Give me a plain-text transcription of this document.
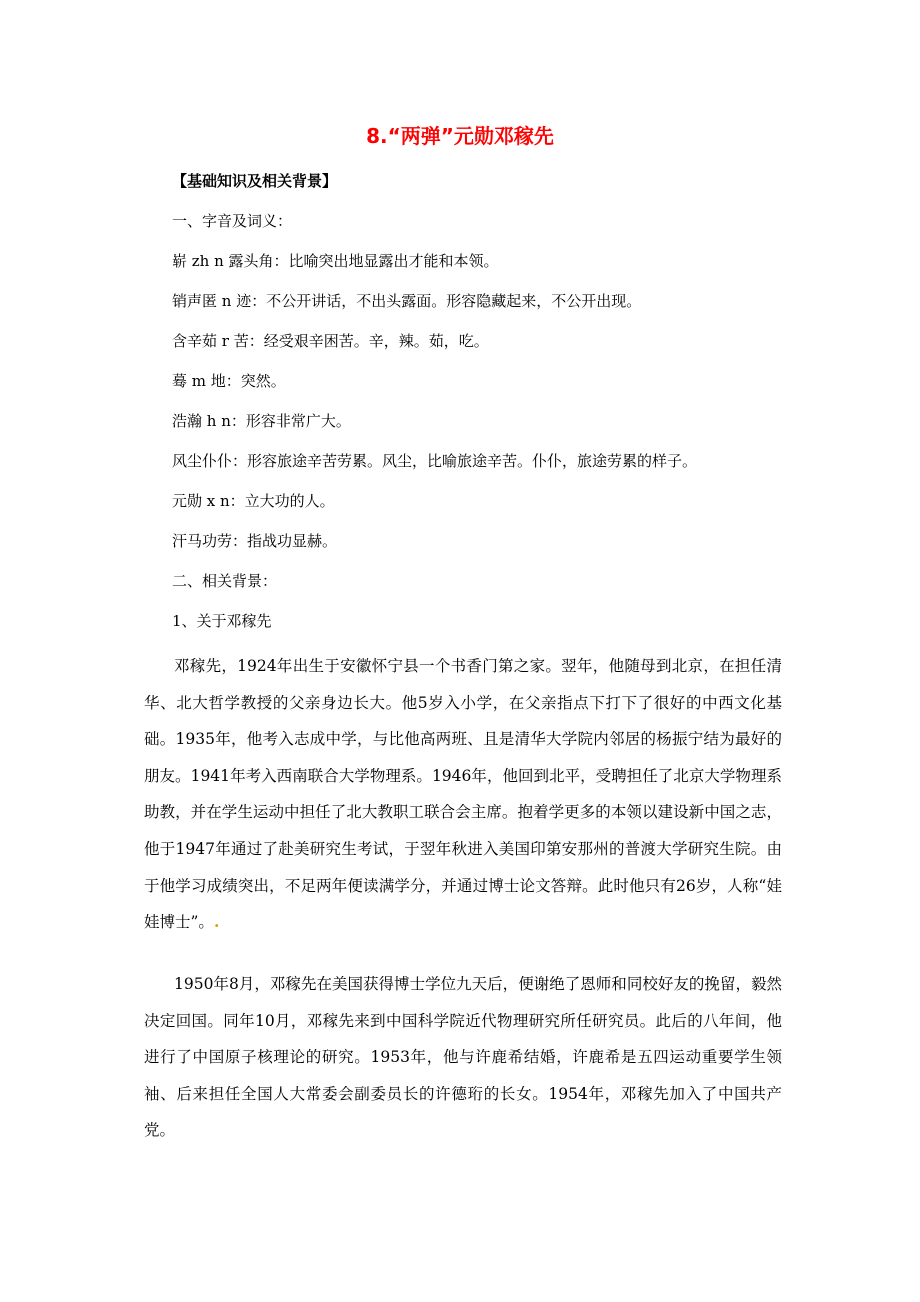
8.“两弹”元勋邓稼先
【基础知识及相关背景】
一、字音及词义：
崭 zh n 露头角：比喻突出地显露出才能和本领。
销声匿 n 迹：不公开讲话，不出头露面。形容隐藏起来，不公开出现。
含辛茹 r 苦：经受艰辛困苦。辛，辣。茹，吃。
蓦 m 地：突然。
浩瀚 h n：形容非常广大。
风尘仆仆：形容旅途辛苦劳累。风尘，比喻旅途辛苦。仆仆，旅途劳累的样子。
元勋 x n：立大功的人。
汗马功劳：指战功显赫。
二、相关背景：
1、关于邓稼先
邓稼先，1924年出生于安徽怀宁县一个书香门第之家。翌年，他随母到北京，在担任清华、北大哲学教授的父亲身边长大。他5岁入小学，在父亲指点下打下了很好的中西文化基础。1935年，他考入志成中学，与比他高两班、且是清华大学院内邻居的杨振宁结为最好的朋友。1941年考入西南联合大学物理系。1946年，他回到北平，受聘担任了北京大学物理系助教，并在学生运动中担任了北大教职工联合会主席。抱着学更多的本领以建设新中国之志，他于1947年通过了赴美研究生考试，于翌年秋进入美国印第安那州的普渡大学研究生院。由于他学习成绩突出，不足两年便读满学分，并通过博士论文答辩。此时他只有26岁，人称“娃娃博士”。.
1950年8月，邓稼先在美国获得博士学位九天后，便谢绝了恩师和同校好友的挽留，毅然决定回国。同年10月，邓稼先来到中国科学院近代物理研究所任研究员。此后的八年间，他进行了中国原子核理论的研究。1953年，他与许鹿希结婚，许鹿希是五四运动重要学生领袖、后来担任全国人大常委会副委员长的许德珩的长女。1954年，邓稼先加入了中国共产党。
